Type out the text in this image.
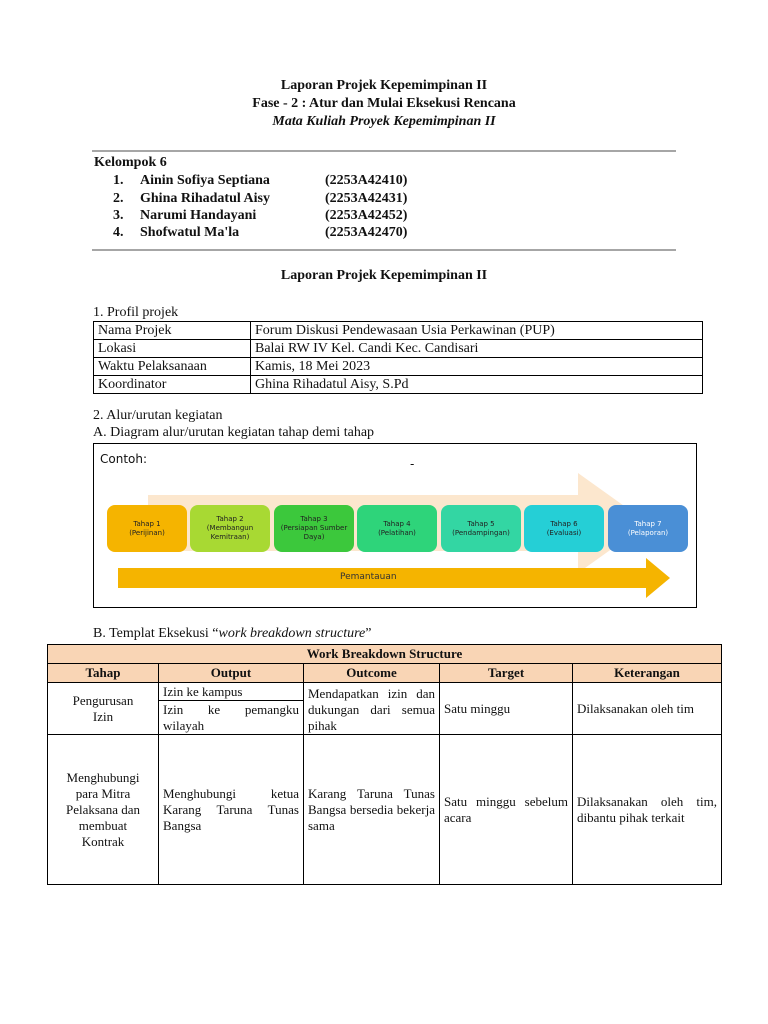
Laporan Projek Kepemimpinan II
Fase - 2 : Atur dan Mulai Eksekusi Rencana
Mata Kuliah Proyek Kepemimpinan II
Kelompok 6
1. Ainin Sofiya Septiana	(2253A42410)
2. Ghina Rihadatul Aisy	(2253A42431)
3. Narumi Handayani	(2253A42452)
4. Shofwatul Ma'la	(2253A42470)
Laporan Projek Kepemimpinan II
1. Profil projek
Nama Projek	Forum Diskusi Pendewasaan Usia Perkawinan (PUP)
Lokasi	Balai RW IV Kel. Candi Kec. Candisari
Waktu Pelaksanaan	Kamis, 18 Mei 2023
Koordinator	Ghina Rihadatul Aisy, S.Pd
2. Alur/urutan kegiatan
A. Diagram alur/urutan kegiatan tahap demi tahap
Contoh:	-
Tahap 1
(Perijinan)
Tahap 2
(Membangun Kemitraan)
Tahap 3
(Persiapan Sumber Daya)
Tahap 4
(Pelatihan)
Tahap 5
(Pendampingan)
Tahap 6
(Evaluasi)
Tahap 7
(Pelaporan)
Pemantauan
B. Templat Eksekusi “work breakdown structure”
Work Breakdown Structure				
Tahap	Output	Outcome	Target	Keterangan
Pengurusan Izin	Izin ke kampus	Mendapatkan izin dan dukungan dari semua pihak	Satu minggu	Dilaksanakan oleh tim
	Izin ke pemangku wilayah			
Menghubungi para Mitra Pelaksana dan membuat Kontrak	Menghubungi ketua Karang Taruna Tunas Bangsa	Karang Taruna Tunas Bangsa bersedia bekerja sama	Satu minggu sebelum acara	Dilaksanakan oleh tim, dibantu pihak terkait
